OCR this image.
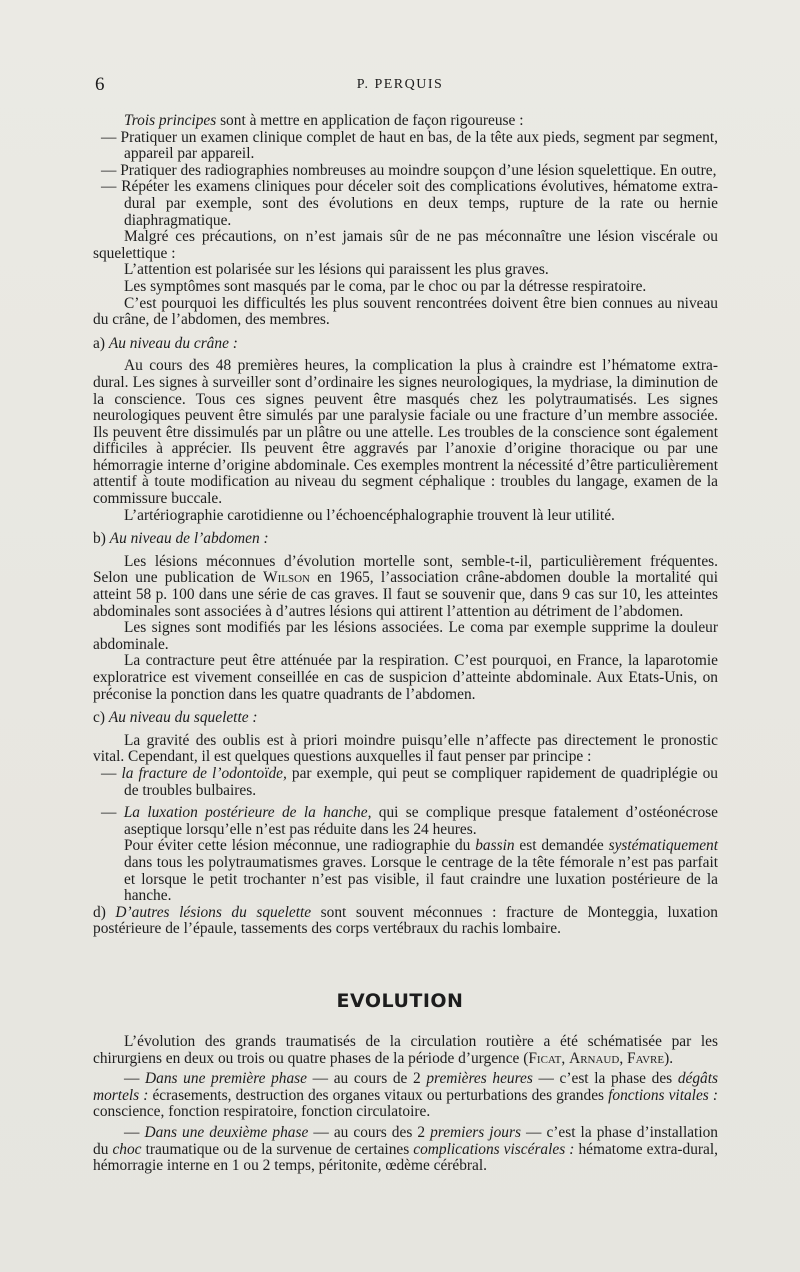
6	P. PERQUIS

Trois principes sont à mettre en application de façon rigoureuse :

— Pratiquer un examen clinique complet de haut en bas, de la tête aux pieds, segment par segment, appareil par appareil.

— Pratiquer des radiographies nombreuses au moindre soupçon d’une lésion squelettique. En outre,

— Répéter les examens cliniques pour déceler soit des complications évolutives, hématome extra-dural par exemple, sont des évolutions en deux temps, rupture de la rate ou hernie diaphragmatique.

Malgré ces précautions, on n’est jamais sûr de ne pas méconnaître une lésion viscérale ou squelettique :

L’attention est polarisée sur les lésions qui paraissent les plus graves.

Les symptômes sont masqués par le coma, par le choc ou par la détresse respiratoire.

C’est pourquoi les difficultés les plus souvent rencontrées doivent être bien connues au niveau du crâne, de l’abdomen, des membres.

a) Au niveau du crâne :

Au cours des 48 premières heures, la complication la plus à craindre est l’hématome extra-dural. Les signes à surveiller sont d’ordinaire les signes neurologiques, la mydriase, la diminution de la conscience. Tous ces signes peuvent être masqués chez les polytraumatisés. Les signes neurologiques peuvent être simulés par une paralysie faciale ou une fracture d’un membre associée. Ils peuvent être dissimulés par un plâtre ou une attelle. Les troubles de la conscience sont également difficiles à apprécier. Ils peuvent être aggravés par l’anoxie d’origine thoracique ou par une hémorragie interne d’origine abdominale. Ces exemples montrent la nécessité d’être particulièrement attentif à toute modification au niveau du segment céphalique : troubles du langage, examen de la commissure buccale.

L’artériographie carotidienne ou l’échoencéphalographie trouvent là leur utilité.

b) Au niveau de l’abdomen :

Les lésions méconnues d’évolution mortelle sont, semble-t-il, particulièrement fréquentes. Selon une publication de Wilson en 1965, l’association crâne-abdomen double la mortalité qui atteint 58 p. 100 dans une série de cas graves. Il faut se souvenir que, dans 9 cas sur 10, les atteintes abdominales sont associées à d’autres lésions qui attirent l’attention au détriment de l’abdomen.

Les signes sont modifiés par les lésions associées. Le coma par exemple supprime la douleur abdominale.

La contracture peut être atténuée par la respiration. C’est pourquoi, en France, la laparotomie exploratrice est vivement conseillée en cas de suspicion d’atteinte abdominale. Aux Etats-Unis, on préconise la ponction dans les quatre quadrants de l’abdomen.

c) Au niveau du squelette :

La gravité des oublis est à priori moindre puisqu’elle n’affecte pas directement le pronostic vital. Cependant, il est quelques questions auxquelles il faut penser par principe :

— la fracture de l’odontoïde, par exemple, qui peut se compliquer rapidement de quadriplégie ou de troubles bulbaires.

— La luxation postérieure de la hanche, qui se complique presque fatalement d’ostéonécrose aseptique lorsqu’elle n’est pas réduite dans les 24 heures.

Pour éviter cette lésion méconnue, une radiographie du bassin est demandée systématiquement dans tous les polytraumatismes graves. Lorsque le centrage de la tête fémorale n’est pas parfait et lorsque le petit trochanter n’est pas visible, il faut craindre une luxation postérieure de la hanche.

d) D’autres lésions du squelette sont souvent méconnues : fracture de Monteggia, luxation postérieure de l’épaule, tassements des corps vertébraux du rachis lombaire.

EVOLUTION

L’évolution des grands traumatisés de la circulation routière a été schématisée par les chirurgiens en deux ou trois ou quatre phases de la période d’urgence (Ficat, Arnaud, Favre).

— Dans une première phase — au cours de 2 premières heures — c’est la phase des dégâts mortels : écrasements, destruction des organes vitaux ou perturbations des grandes fonctions vitales : conscience, fonction respiratoire, fonction circulatoire.

— Dans une deuxième phase — au cours des 2 premiers jours — c’est la phase d’installation du choc traumatique ou de la survenue de certaines complications viscérales : hématome extra-dural, hémorragie interne en 1 ou 2 temps, péritonite, œdème cérébral.
